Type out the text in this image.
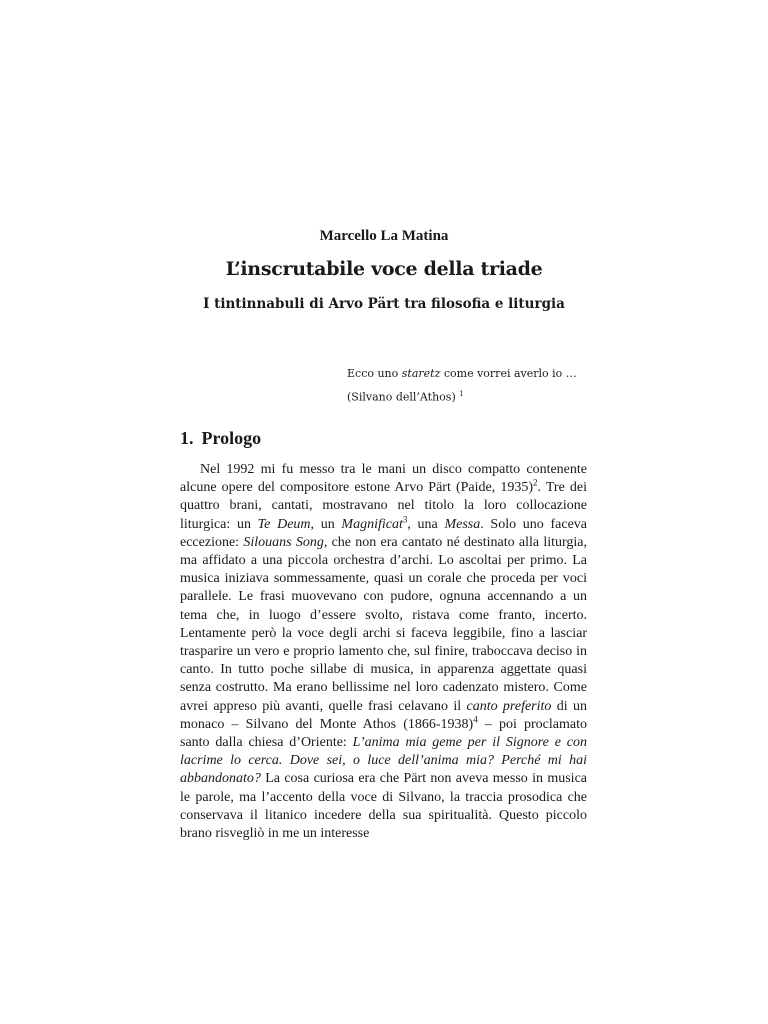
Marcello La Matina
L’inscrutabile voce della triade
I tintinnabuli di Arvo Pärt tra filosofia e liturgia
Ecco uno staretz come vorrei averlo io …
(Silvano dell’Athos) $^1$
1. Prologo

Nel 1992 mi fu messo tra le mani un disco compatto contenente alcune opere del compositore estone Arvo Pärt (Paide, 1935)$^2$. Tre dei quattro brani, cantati, mostravano nel titolo la loro collocazione liturgica: un Te Deum, un Magnificat$^3$, una Messa. Solo uno faceva eccezione: Silouans Song, che non era cantato né destinato alla liturgia, ma affidato a una piccola orchestra d’archi. Lo ascoltai per primo. La musica iniziava sommessamente, quasi un corale che proceda per voci parallele. Le frasi muovevano con pudore, ognuna accennando a un tema che, in luogo d’essere svolto, ristava come franto, incerto. Lentamente però la voce degli archi si faceva leggibile, fino a lasciar trasparire un vero e proprio lamento che, sul finire, traboccava deciso in canto. In tutto poche sillabe di musica, in apparenza aggettate quasi senza costrutto. Ma erano bellissime nel loro cadenzato mistero. Come avrei appreso più avanti, quelle frasi celavano il canto preferito di un monaco – Silvano del Monte Athos (1866-1938)$^4$ – poi proclamato santo dalla chiesa d’Oriente: L’anima mia geme per il Signore e con lacrime lo cerca. Dove sei, o luce dell’anima mia? Perché mi hai abbandonato? La cosa curiosa era che Pärt non aveva messo in musica le parole, ma l’accento della voce di Silvano, la traccia prosodica che conservava il litanico incedere della sua spiritualità. Questo piccolo brano risvegliò in me un interesse
